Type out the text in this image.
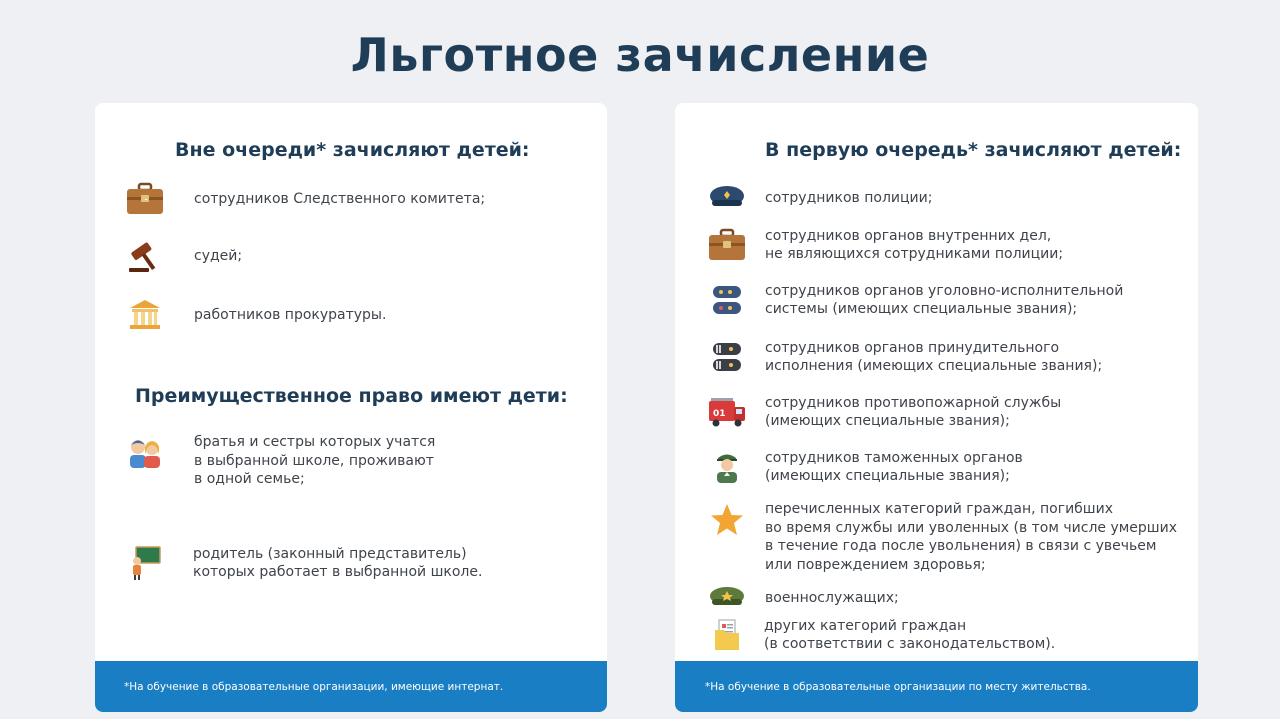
Льготное зачисление
Вне очереди* зачисляют детей:
сотрудников Следственного комитета;
судей;
работников прокуратуры.
Преимущественное право имеют дети:
братья и сестры которых учатся
в выбранной школе, проживают
в одной семье;
родитель (законный представитель)
которых работает в выбранной школе.
*На обучение в образовательные организации, имеющие интернат.
В первую очередь* зачисляют детей:
сотрудников полиции;
сотрудников органов внутренних дел,
не являющихся сотрудниками полиции;
сотрудников органов уголовно-исполнительной
системы (имеющих специальные звания);
сотрудников органов принудительного
исполнения (имеющих специальные звания);
01
сотрудников противопожарной службы
(имеющих специальные звания);
сотрудников таможенных органов
(имеющих специальные звания);
перечисленных категорий граждан, погибших
во время службы или уволенных (в том числе умерших
в течение года после увольнения) в связи с увечьем
или повреждением здоровья;
военнослужащих;
других категорий граждан
(в соответствии с законодательством).
*На обучение в образовательные организации по месту жительства.
